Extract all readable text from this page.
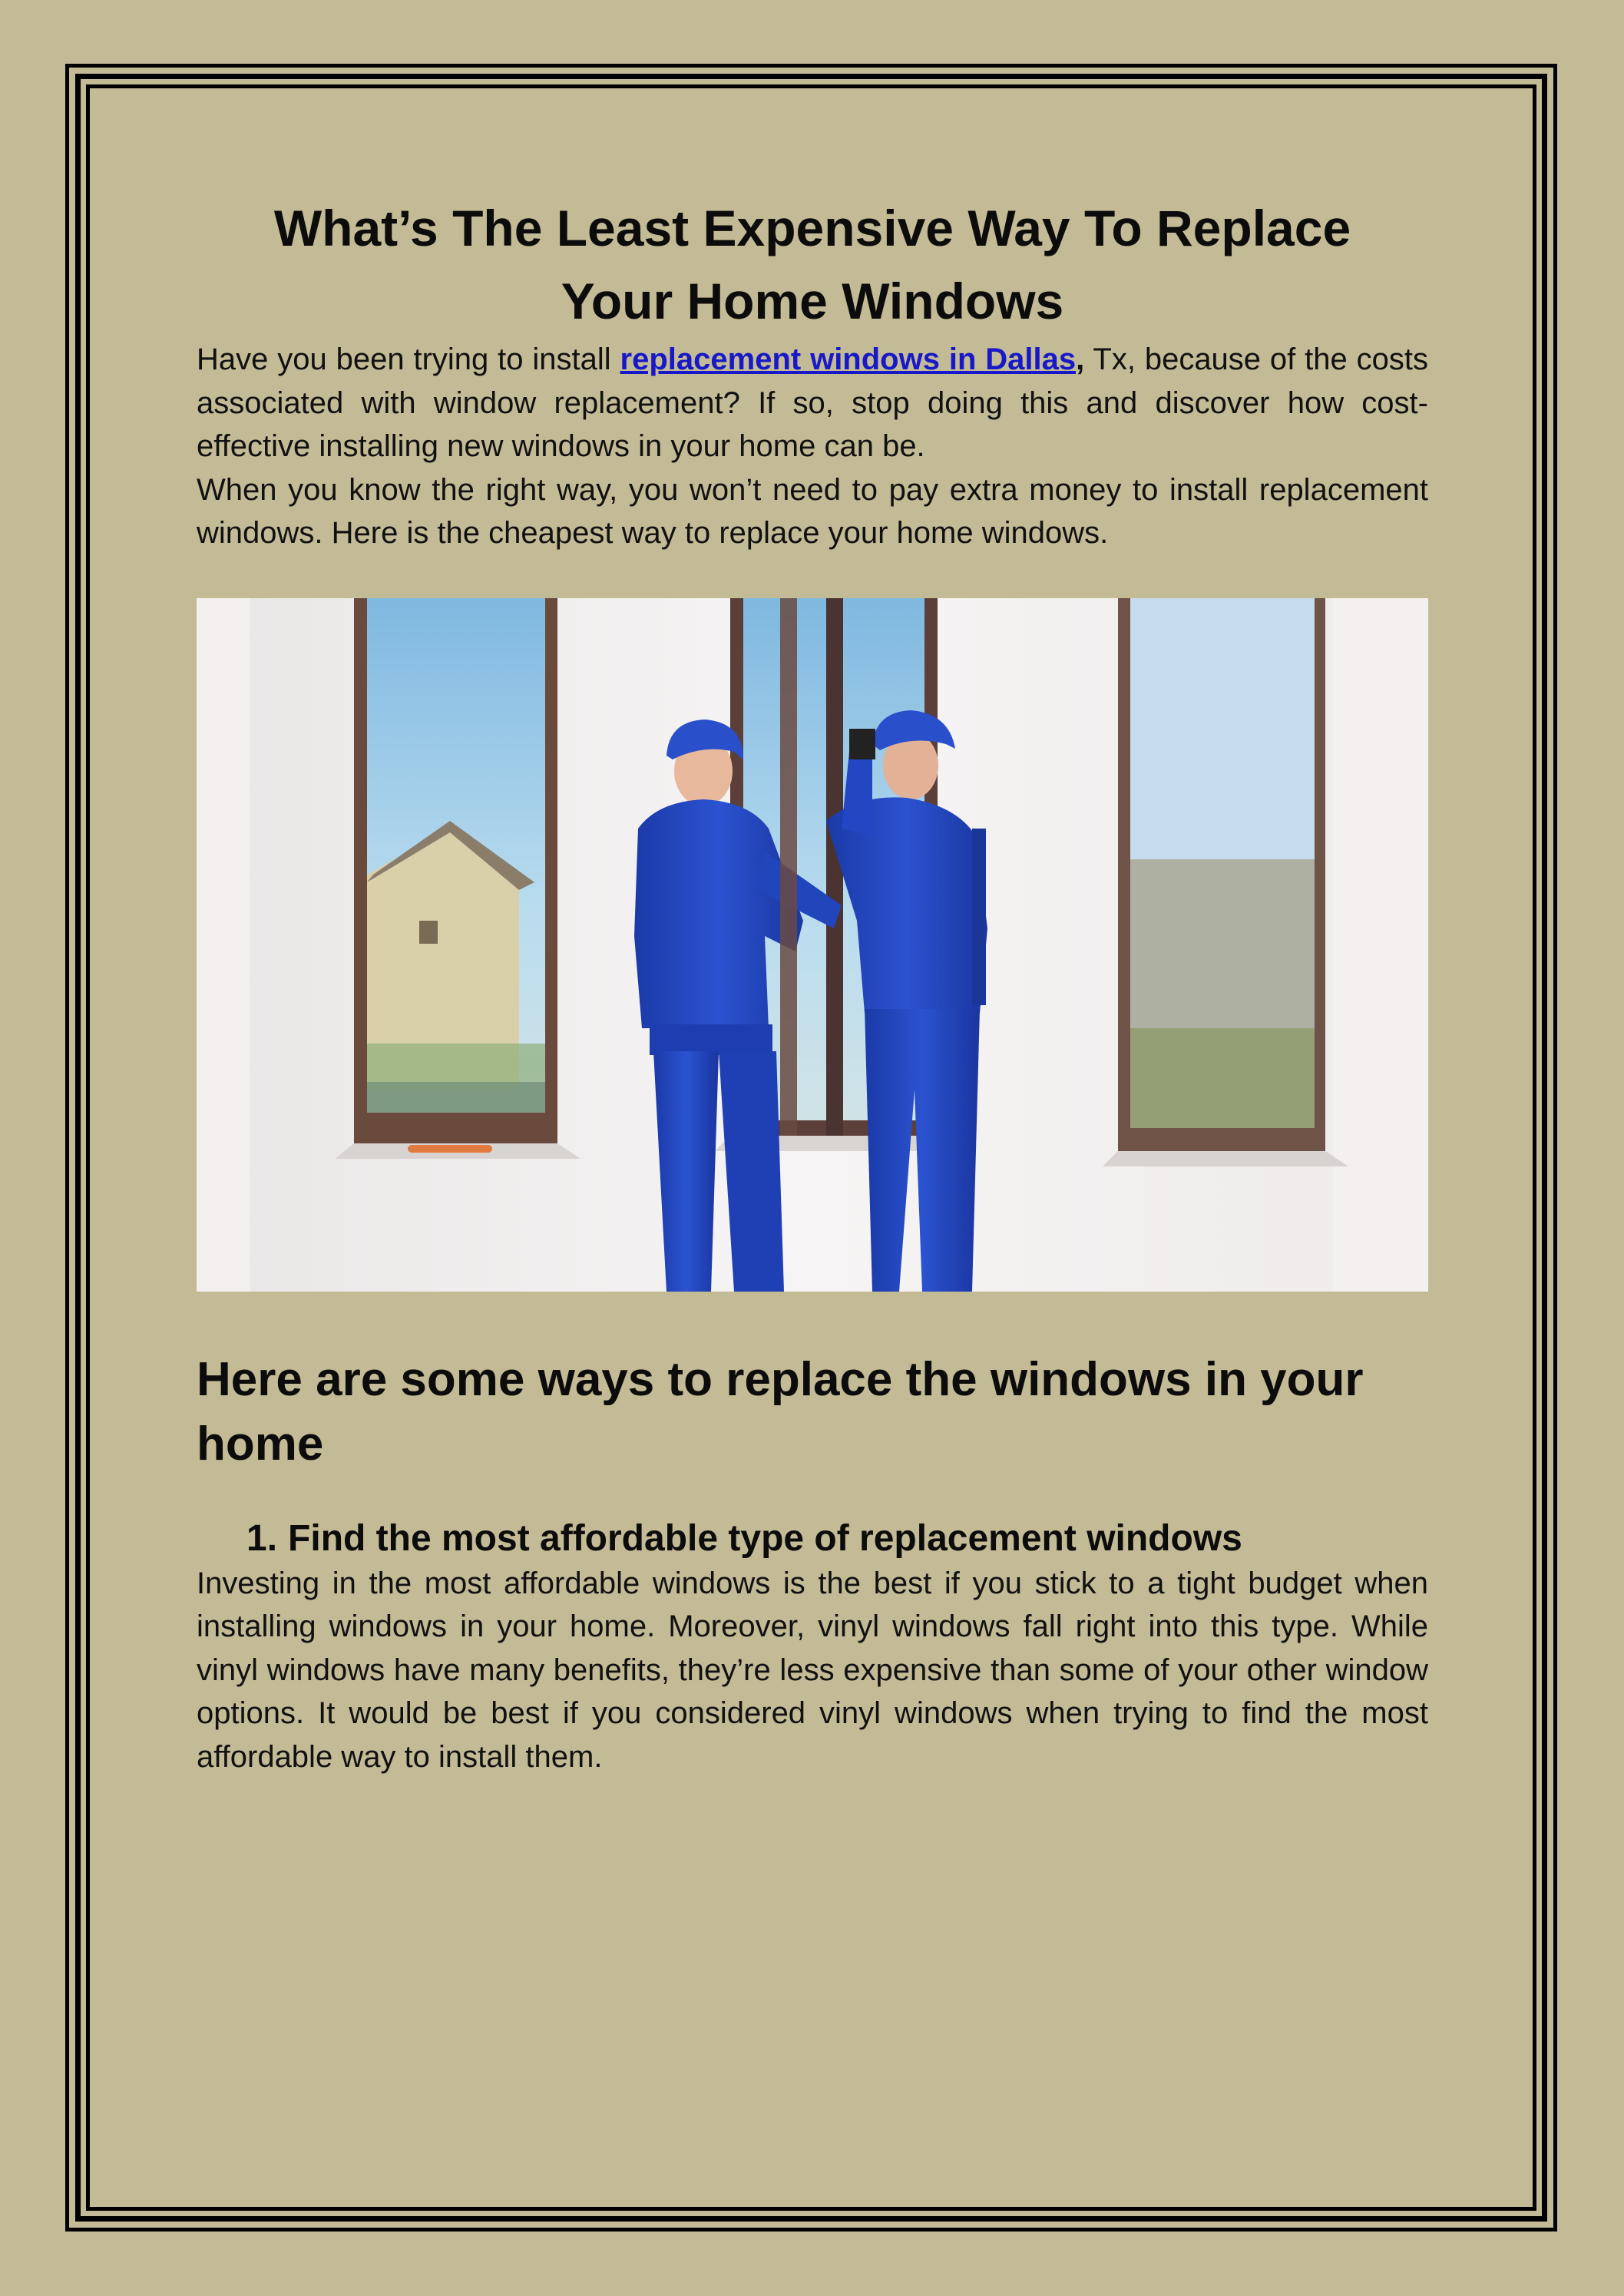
What’s The Least Expensive Way To Replace Your Home Windows

Have you been trying to install replacement windows in Dallas, Tx, because of the costs associated with window replacement? If so, stop doing this and discover how cost-effective installing new windows in your home can be.

When you know the right way, you won’t need to pay extra money to install replacement windows. Here is the cheapest way to replace your home windows.

Here are some ways to replace the windows in your home
1. Find the most affordable type of replacement windows

Investing in the most affordable windows is the best if you stick to a tight budget when installing windows in your home. Moreover, vinyl windows fall right into this type. While vinyl windows have many benefits, they’re less expensive than some of your other window options. It would be best if you considered vinyl windows when trying to find the most affordable way to install them.
